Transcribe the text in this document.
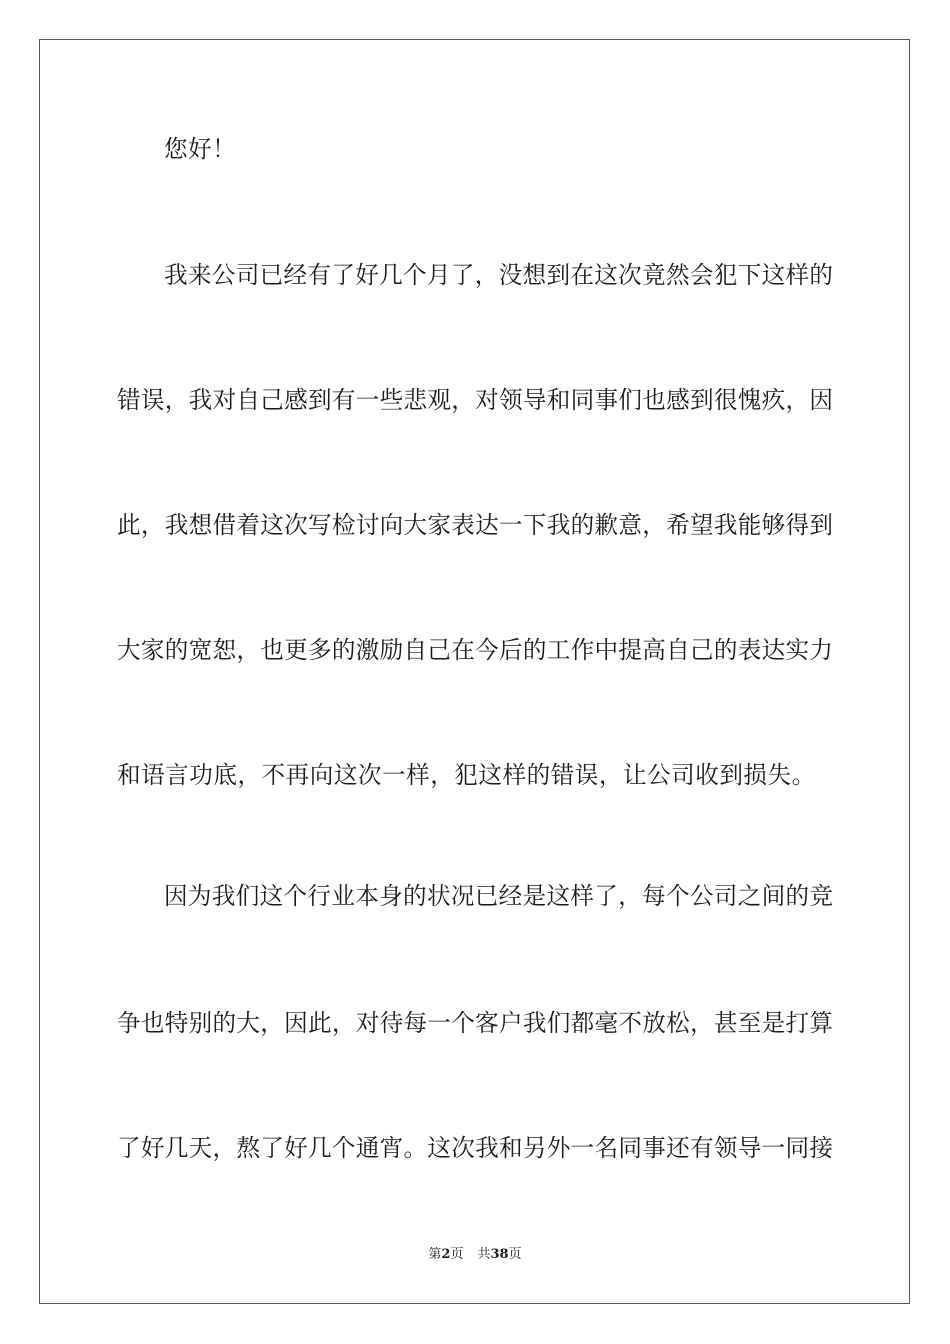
您好！
我来公司已经有了好几个月了，没想到在这次竟然会犯下这样的
错误，我对自己感到有一些悲观，对领导和同事们也感到很愧疚，因
此，我想借着这次写检讨向大家表达一下我的歉意，希望我能够得到
大家的宽恕，也更多的激励自己在今后的工作中提高自己的表达实力
和语言功底，不再向这次一样，犯这样的错误，让公司收到损失。
因为我们这个行业本身的状况已经是这样了，每个公司之间的竞
争也特别的大，因此，对待每一个客户我们都毫不放松，甚至是打算
了好几天，熬了好几个通宵。这次我和另外一名同事还有领导一同接
第2页 共38页
